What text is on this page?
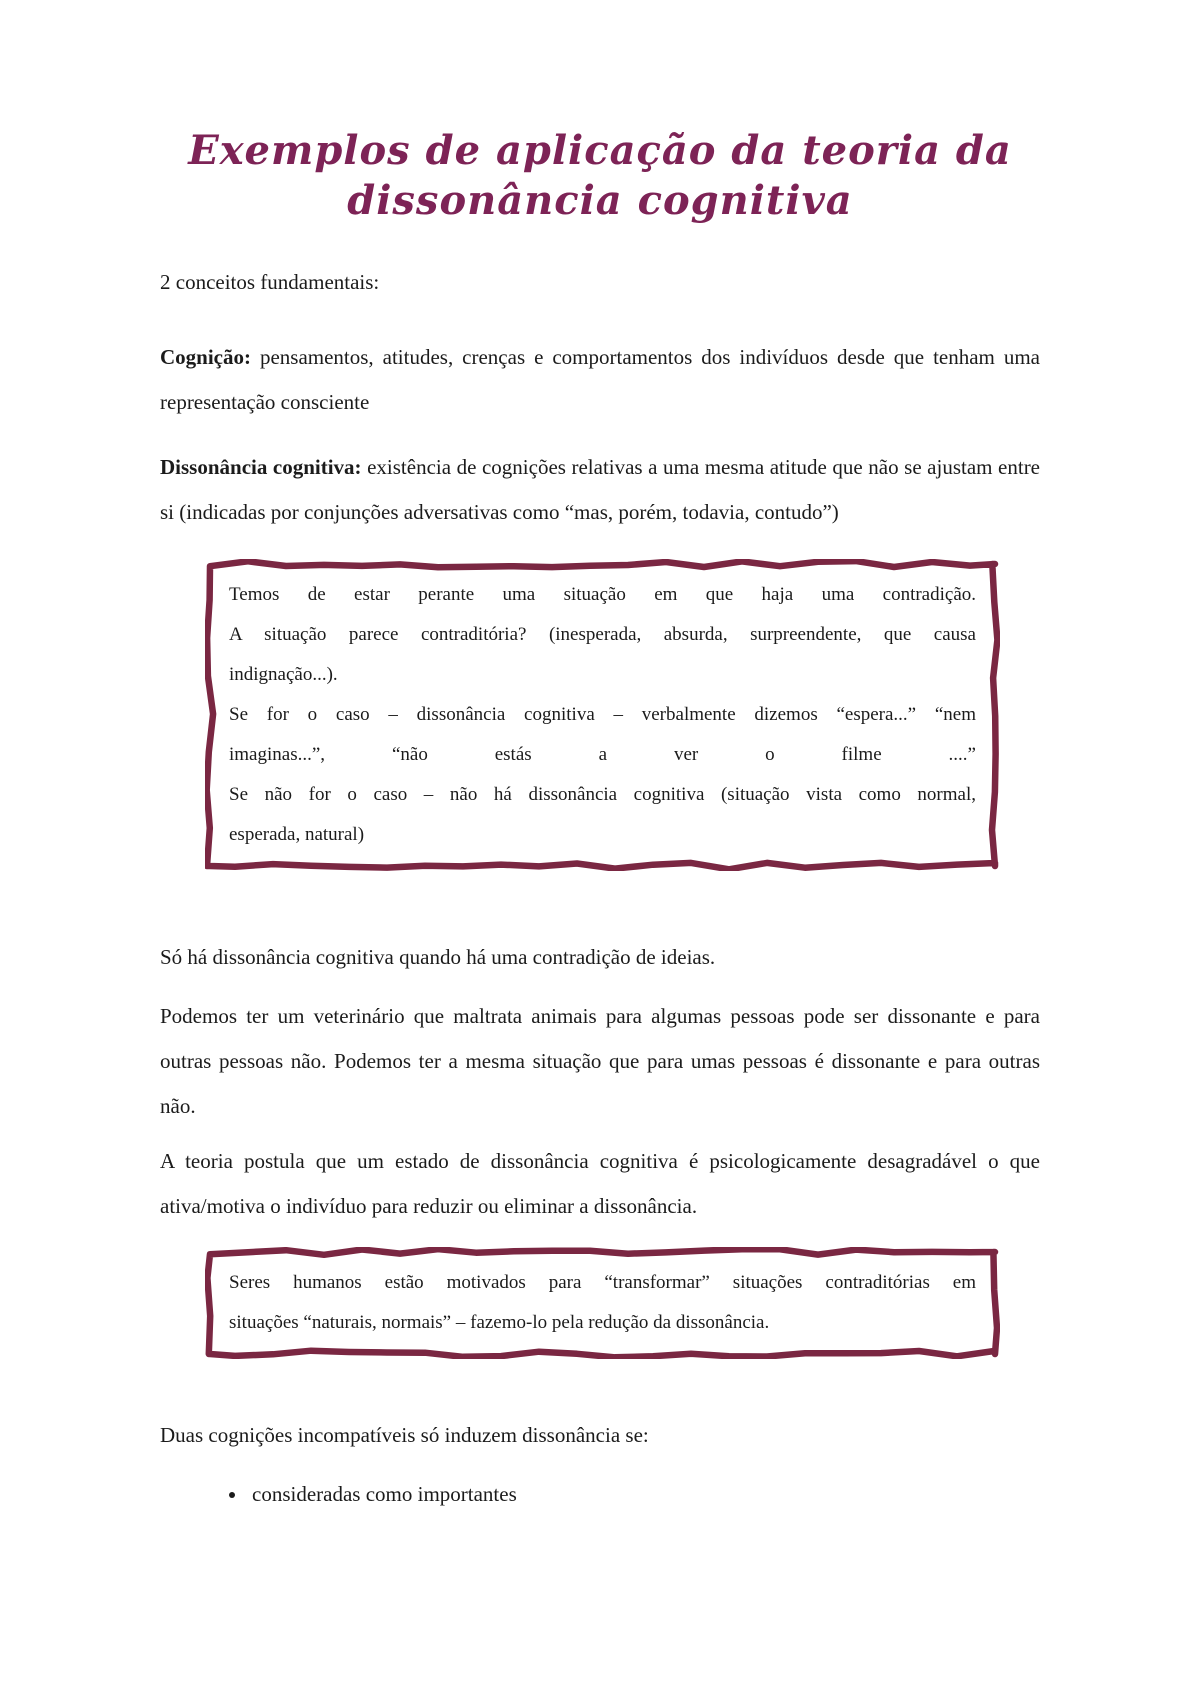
Exemplos de aplicação da teoria da dissonância cognitiva

2 conceitos fundamentais:

Cognição: pensamentos, atitudes, crenças e comportamentos dos indivíduos desde que tenham uma representação consciente

Dissonância cognitiva: existência de cognições relativas a uma mesma atitude que não se ajustam entre si (indicadas por conjunções adversativas como “mas, porém, todavia, contudo”)

Temos de estar perante uma situação em que haja uma contradição.
A situação parece contraditória? (inesperada, absurda, surpreendente, que causa
indignação...).
Se for o caso – dissonância cognitiva – verbalmente dizemos “espera...” “nem
imaginas...”, “não estás a ver o filme ....”
Se não for o caso – não há dissonância cognitiva (situação vista como normal,
esperada, natural)

Só há dissonância cognitiva quando há uma contradição de ideias.

Podemos ter um veterinário que maltrata animais para algumas pessoas pode ser dissonante e para outras pessoas não. Podemos ter a mesma situação que para umas pessoas é dissonante e para outras não.

A teoria postula que um estado de dissonância cognitiva é psicologicamente desagradável o que ativa/motiva o indivíduo para reduzir ou eliminar a dissonância.

Seres humanos estão motivados para “transformar” situações contraditórias em
situações “naturais, normais” – fazemo-lo pela redução da dissonância.

Duas cognições incompatíveis só induzem dissonância se:

• consideradas como importantes
